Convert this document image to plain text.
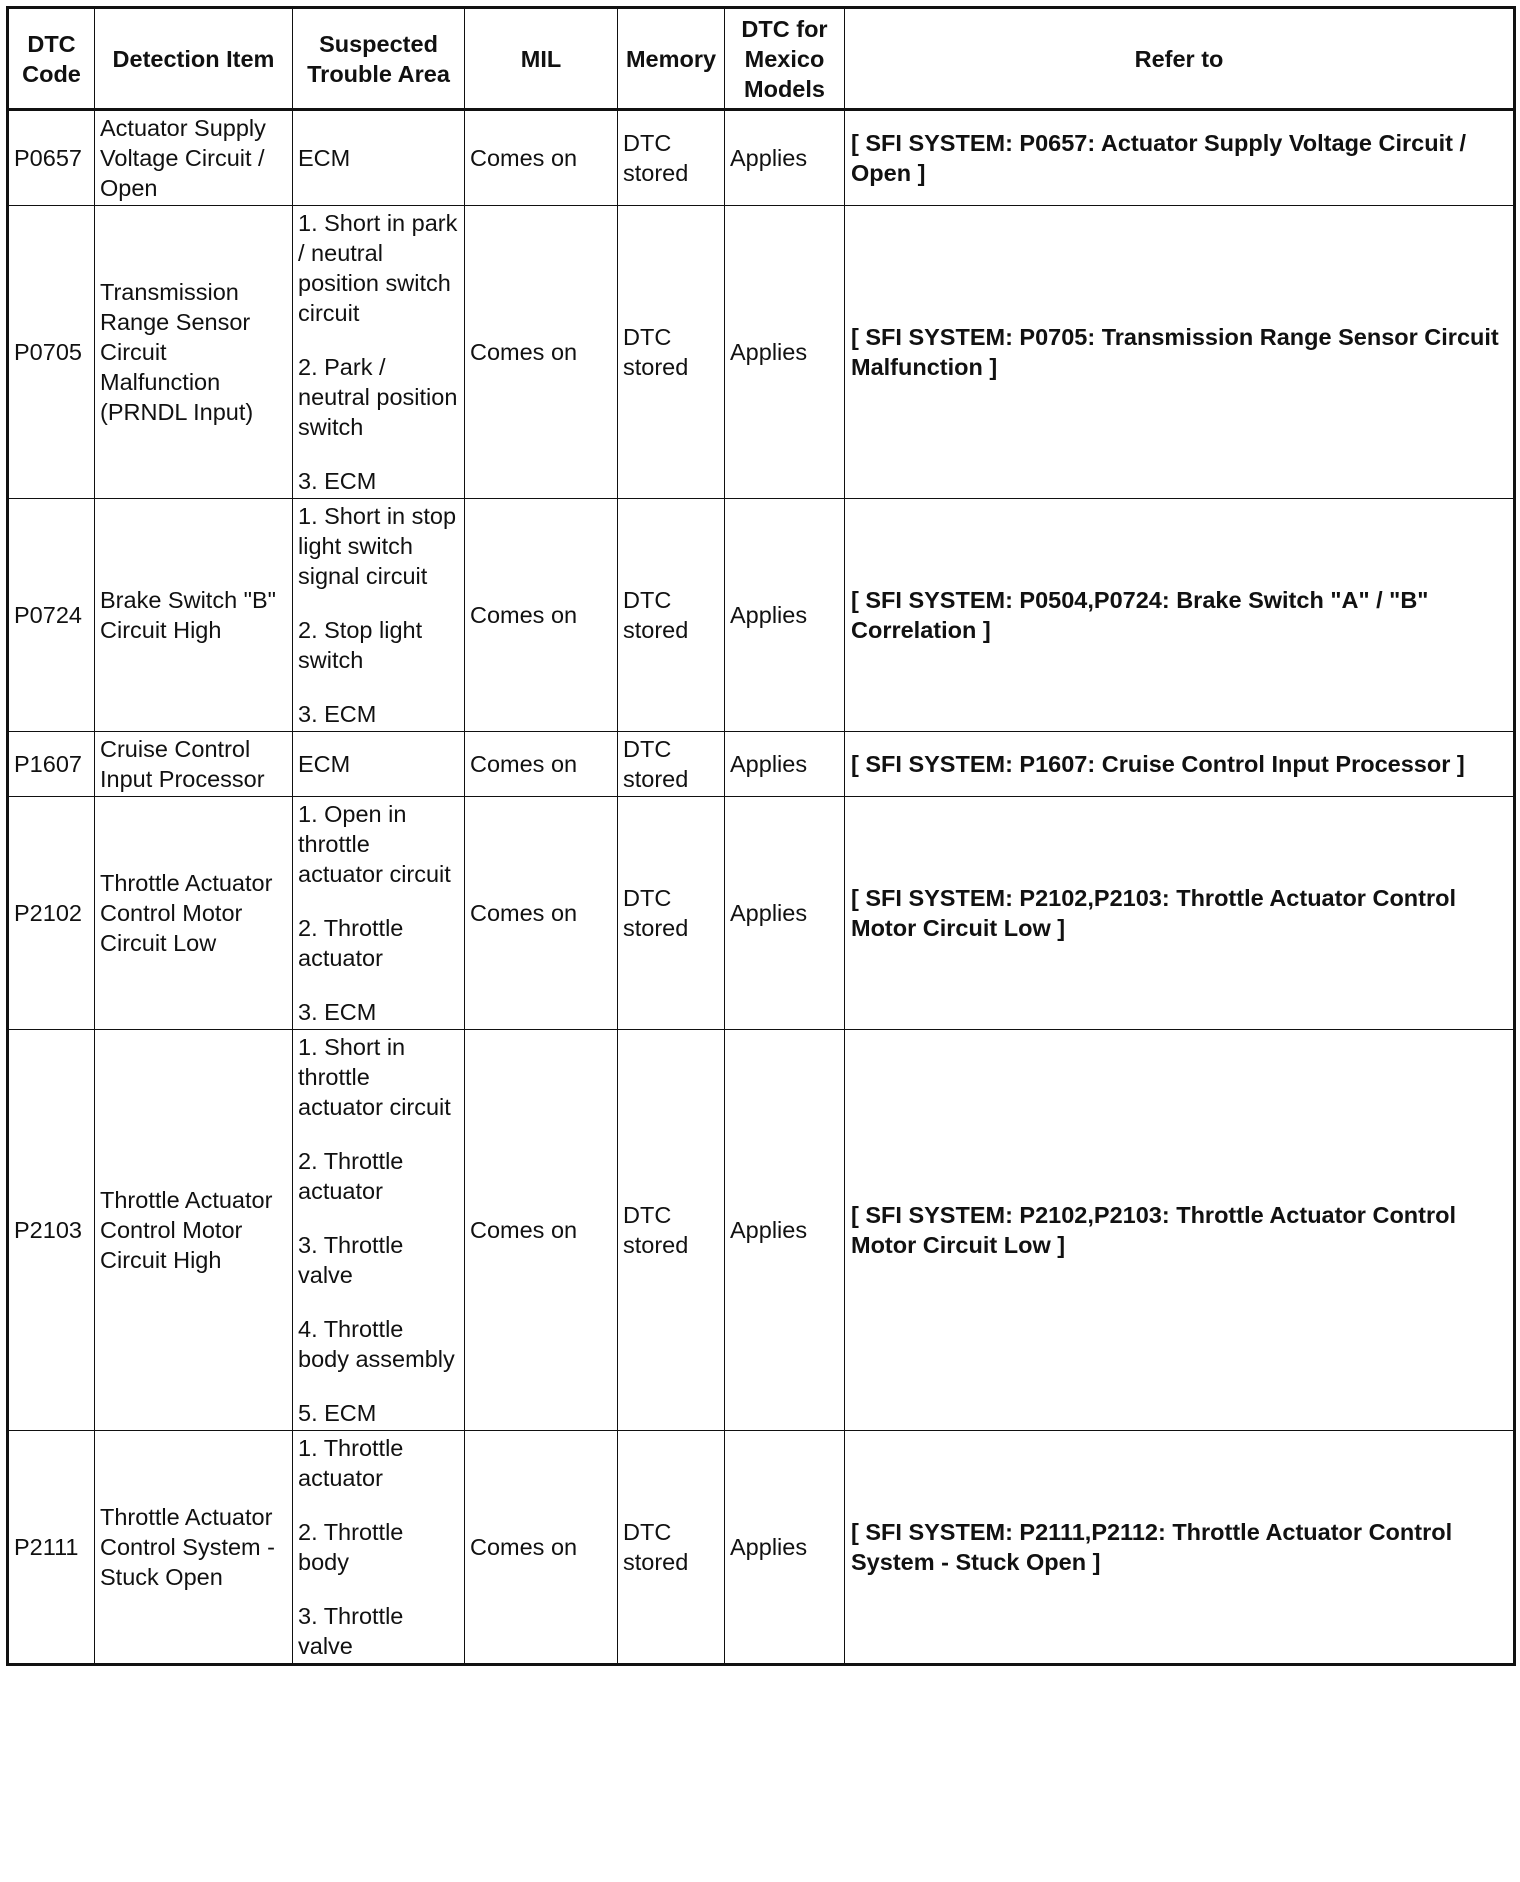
DTC Code	Detection Item	Suspected Trouble Area	MIL	Memory	DTC for Mexico Models	Refer to
P0657	Actuator Supply Voltage Circuit / Open	ECM	Comes on	DTC stored	Applies	[ SFI SYSTEM: P0657: Actuator Supply Voltage Circuit / Open ]
P0705	Transmission Range Sensor Circuit Malfunction (PRNDL Input)	1. Short in park / neutral position switch circuit
2. Park / neutral position switch
3. ECM	Comes on	DTC stored	Applies	[ SFI SYSTEM: P0705: Transmission Range Sensor Circuit Malfunction ]
P0724	Brake Switch "B" Circuit High	1. Short in stop light switch signal circuit
2. Stop light switch
3. ECM	Comes on	DTC stored	Applies	[ SFI SYSTEM: P0504,P0724: Brake Switch "A" / "B" Correlation ]
P1607	Cruise Control Input Processor	ECM	Comes on	DTC stored	Applies	[ SFI SYSTEM: P1607: Cruise Control Input Processor ]
P2102	Throttle Actuator Control Motor Circuit Low	1. Open in throttle actuator circuit
2. Throttle actuator
3. ECM	Comes on	DTC stored	Applies	[ SFI SYSTEM: P2102,P2103: Throttle Actuator Control Motor Circuit Low ]
P2103	Throttle Actuator Control Motor Circuit High	1. Short in throttle actuator circuit
2. Throttle actuator
3. Throttle valve
4. Throttle body assembly
5. ECM	Comes on	DTC stored	Applies	[ SFI SYSTEM: P2102,P2103: Throttle Actuator Control Motor Circuit Low ]
P2111	Throttle Actuator Control System - Stuck Open	1. Throttle actuator
2. Throttle body
3. Throttle valve	Comes on	DTC stored	Applies	[ SFI SYSTEM: P2111,P2112: Throttle Actuator Control System - Stuck Open ]
